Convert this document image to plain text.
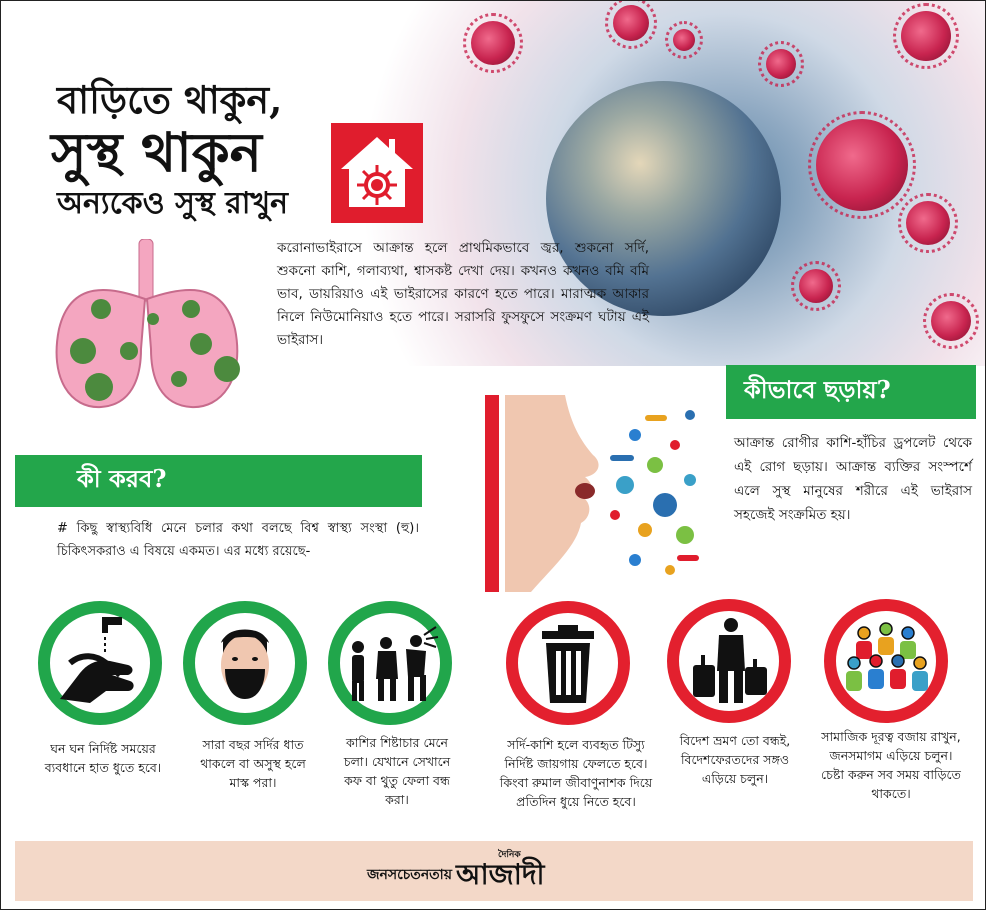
বাড়িতে থাকুন,
সুস্থ থাকুন
অন্যকেও সুস্থ রাখুন
করোনাভাইরাসে আক্রান্ত হলে প্রাথমিকভাবে জ্বর, শুকনো সর্দি, শুকনো কাশি, গলাব্যথা, শ্বাসকষ্ট দেখা দেয়। কখনও কখনও বমি বমি ভাব, ডায়রিয়াও এই ভাইরাসের কারণে হতে পারে। মারাত্মক আকার নিলে নিউমোনিয়াও হতে পারে। সরাসরি ফুসফুসে সংক্রমণ ঘটায় এই ভাইরাস।
কীভাবে ছড়ায়?
আক্রান্ত রোগীর কাশি-হাঁচির ড্রপলেট থেকে এই রোগ ছড়ায়। আক্রান্ত ব্যক্তির সংস্পর্শে এলে সুস্থ মানুষের শরীরে এই ভাইরাস সহজেই সংক্রমিত হয়।
কী করব?
# কিছু স্বাস্থ্যবিধি মেনে চলার কথা বলছে বিশ্ব স্বাস্থ্য সংস্থা (হু)। চিকিৎসকরাও এ বিষয়ে একমত। এর মধ্যে রয়েছে-
ঘন ঘন নির্দিষ্ট সময়ের ব্যবধানে হাত ধুতে হবে।
সারা বছর সর্দির ধাত থাকলে বা অসুস্থ হলে মাস্ক পরা।
কাশির শিষ্টাচার মেনে চলা। যেখানে সেখানে কফ বা থুতু ফেলা বন্ধ করা।
সর্দি-কাশি হলে ব্যবহৃত টিস্যু নির্দিষ্ট জায়গায় ফেলতে হবে। কিংবা রুমাল জীবাণুনাশক দিয়ে প্রতিদিন ধুয়ে নিতে হবে।
বিদেশ ভ্রমণ তো বন্ধই, বিদেশফেরতদের সঙ্গও এড়িয়ে চলুন।
সামাজিক দূরত্ব বজায় রাখুন, জনসমাগম এড়িয়ে চলুন। চেষ্টা করুন সব সময় বাড়িতে থাকতে।
জনসচেতনতায়
দৈনিক
আজাদী
